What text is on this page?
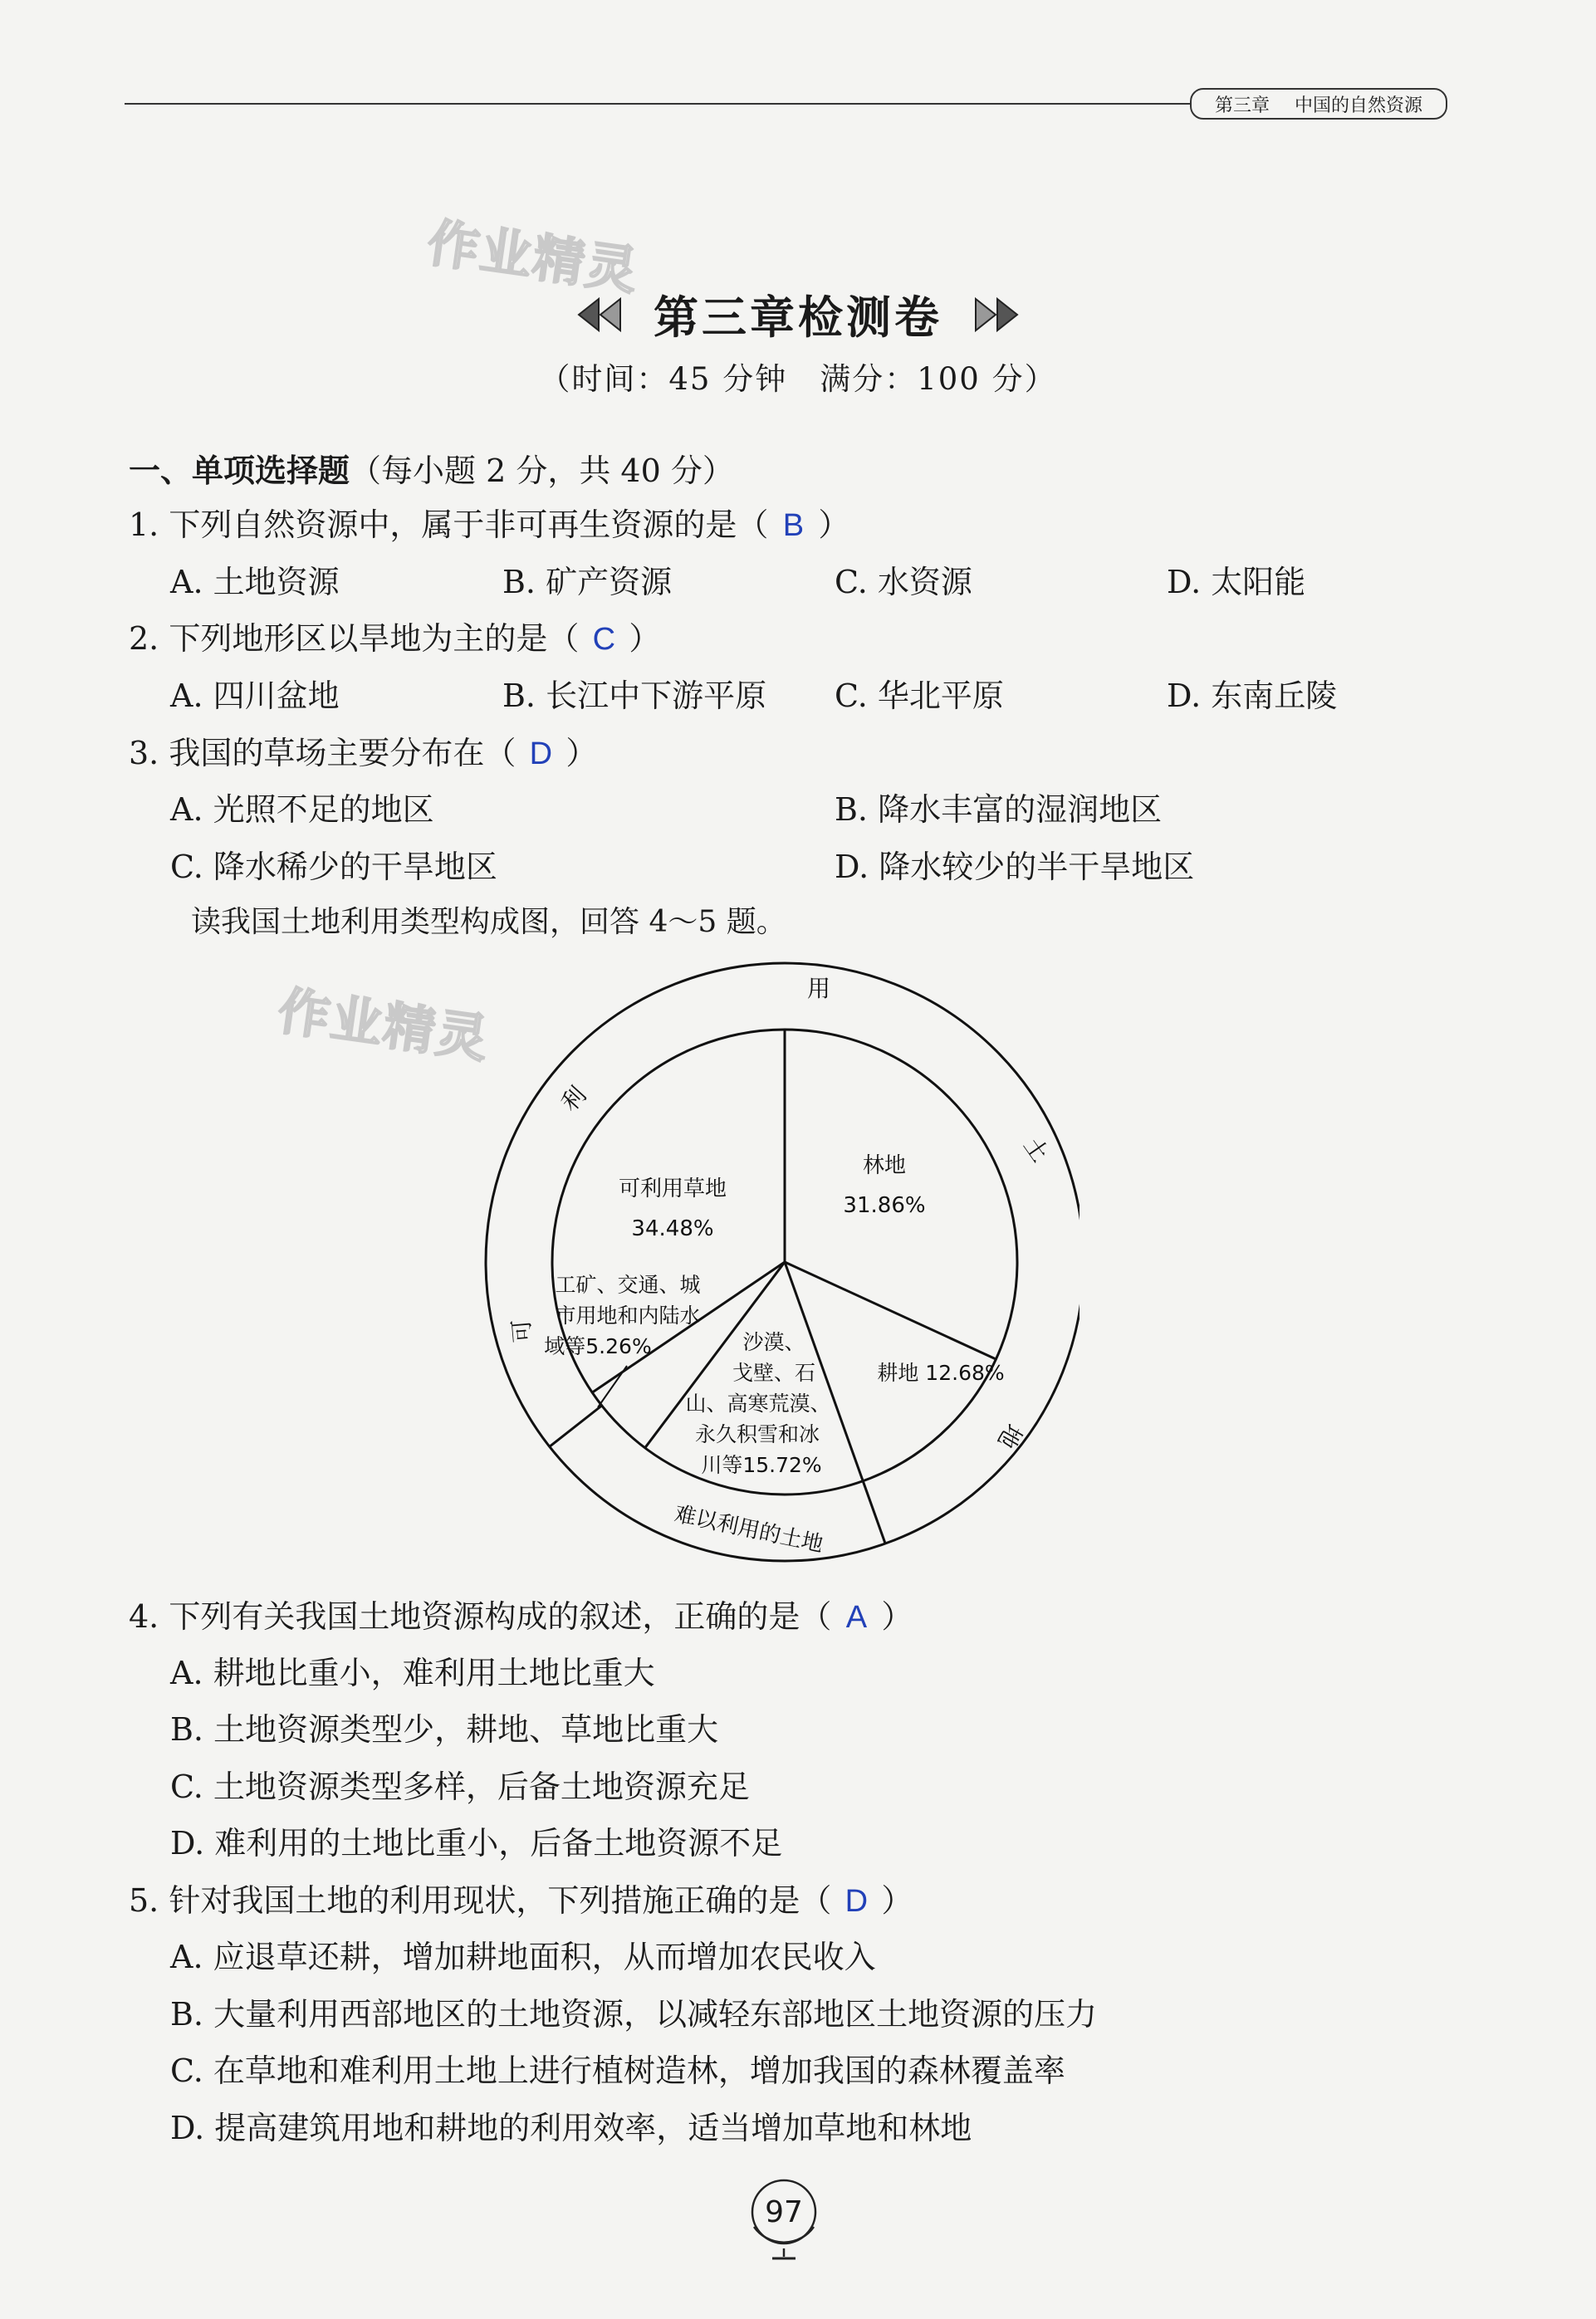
第三章 中国的自然资源
作业精灵
作业精灵
第三章检测卷
（时间：45 分钟　满分：100 分）
一、单项选择题（每小题 2 分，共 40 分）
1. 下列自然资源中，属于非可再生资源的是（ B ）
A. 土地资源	B. 矿产资源	C. 水资源	D. 太阳能
2. 下列地形区以旱地为主的是（ C ）
A. 四川盆地	B. 长江中下游平原 C. 华北平原	D. 东南丘陵
3. 我国的草场主要分布在（ D ）
A. 光照不足的地区	B. 降水丰富的湿润地区
C. 降水稀少的干旱地区	D. 降水较少的半干旱地区
读我国土地利用类型构成图，回答 4～5 题。
林地
31.86%
可利用草地
34.48%
耕地 12.68%
沙漠、
戈壁、石
山、高寒荒漠、
永久积雪和冰
川等15.72%
工矿、交通、城
市用地和内陆水
域等5.26%
可
利
用
土
地
难以利用的土地
4. 下列有关我国土地资源构成的叙述，正确的是（ A ）
A. 耕地比重小，难利用土地比重大
B. 土地资源类型少，耕地、草地比重大
C. 土地资源类型多样，后备土地资源充足
D. 难利用的土地比重小，后备土地资源不足
5. 针对我国土地的利用现状，下列措施正确的是（ D ）
A. 应退草还耕，增加耕地面积，从而增加农民收入
B. 大量利用西部地区的土地资源，以减轻东部地区土地资源的压力
C. 在草地和难利用土地上进行植树造林，增加我国的森林覆盖率
D. 提高建筑用地和耕地的利用效率，适当增加草地和林地
97
